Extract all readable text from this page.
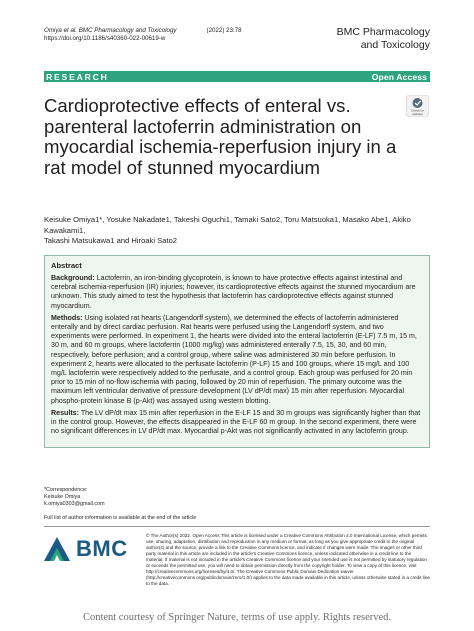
Omiya et al. BMC Pharmacology and Toxicology	(2022) 23:78
https://doi.org/10.1186/s40360-022-00619-w
BMC Pharmacology
and Toxicology
RESEARCH	Open Access
Check for
updates
Cardioprotective effects of enteral vs. parenteral lactoferrin administration on myocardial ischemia-reperfusion injury in a rat model of stunned myocardium
Keisuke Omiya1*, Yosuke Nakadate1, Takeshi Oguchi1, Tamaki Sato2, Toru Matsuoka1, Masako Abe1, Akiko Kawakami1,
Takashi Matsukawa1 and Hiroaki Sato2
Abstract

Background: Lactoferrin, an iron-binding glycoprotein, is known to have protective effects against intestinal and cerebral ischemia-reperfusion (IR) injuries; however, its cardioprotective effects against the stunned myocardium are unknown. This study aimed to test the hypothesis that lactoferrin has cardioprotective effects against stunned myocardium.

Methods: Using isolated rat hearts (Langendorff system), we determined the effects of lactoferrin administered enterally and by direct cardiac perfusion. Rat hearts were perfused using the Langendorff system, and two experiments were performed. In experiment 1, the hearts were divided into the enteral lactoferrin (E-LF) 7.5 m, 15 m, 30 m, and 60 m groups, where lactoferrin (1000 mg/kg) was administered enterally 7.5, 15, 30, and 60 min, respectively, before perfusion; and a control group, where saline was administered 30 min before perfusion. In experiment 2, hearts were allocated to the perfusate lactoferrin (P-LF) 15 and 100 groups, where 15 mg/L and 100 mg/L lactoferrin were respectively added to the perfusate, and a control group. Each group was perfused for 20 min prior to 15 min of no-flow ischemia with pacing, followed by 20 min of reperfusion. The primary outcome was the maximum left ventricular derivative of pressure development (LV dP/dt max) 15 min after reperfusion. Myocardial phospho-protein kinase B (p-Akt) was assayed using western blotting.

Results: The LV dP/dt max 15 min after reperfusion in the E-LF 15 and 30 m groups was significantly higher than that in the control group. However, the effects disappeared in the E-LF 60 m group. In the second experiment, there were no significant differences in LV dP/dt max. Myocardial p-Akt was not significantly activated in any lactoferrin group.

*Correspondence:
Keisuke Omiya
k.omiya0303@gmail.com
Full list of author information is available at the end of the article
BMC
© The Author(s) 2022. Open Access This article is licensed under a Creative Commons Attribution 4.0 International License, which permits use, sharing, adaptation, distribution and reproduction in any medium or format, as long as you give appropriate credit to the original author(s) and the source, provide a link to the Creative Commons licence, and indicate if changes were made. The images or other third party material in this article are included in the article's Creative Commons licence, unless indicated otherwise in a credit line to the material. If material is not included in the article's Creative Commons licence and your intended use is not permitted by statutory regulation or exceeds the permitted use, you will need to obtain permission directly from the copyright holder. To view a copy of this licence, visit http://creativecommons.org/licenses/by/4.0/. The Creative Commons Public Domain Dedication waiver (http://creativecommons.org/publicdomain/zero/1.0/) applies to the data made available in this article, unless otherwise stated in a credit line to the data.
Content courtesy of Springer Nature, terms of use apply. Rights reserved.
